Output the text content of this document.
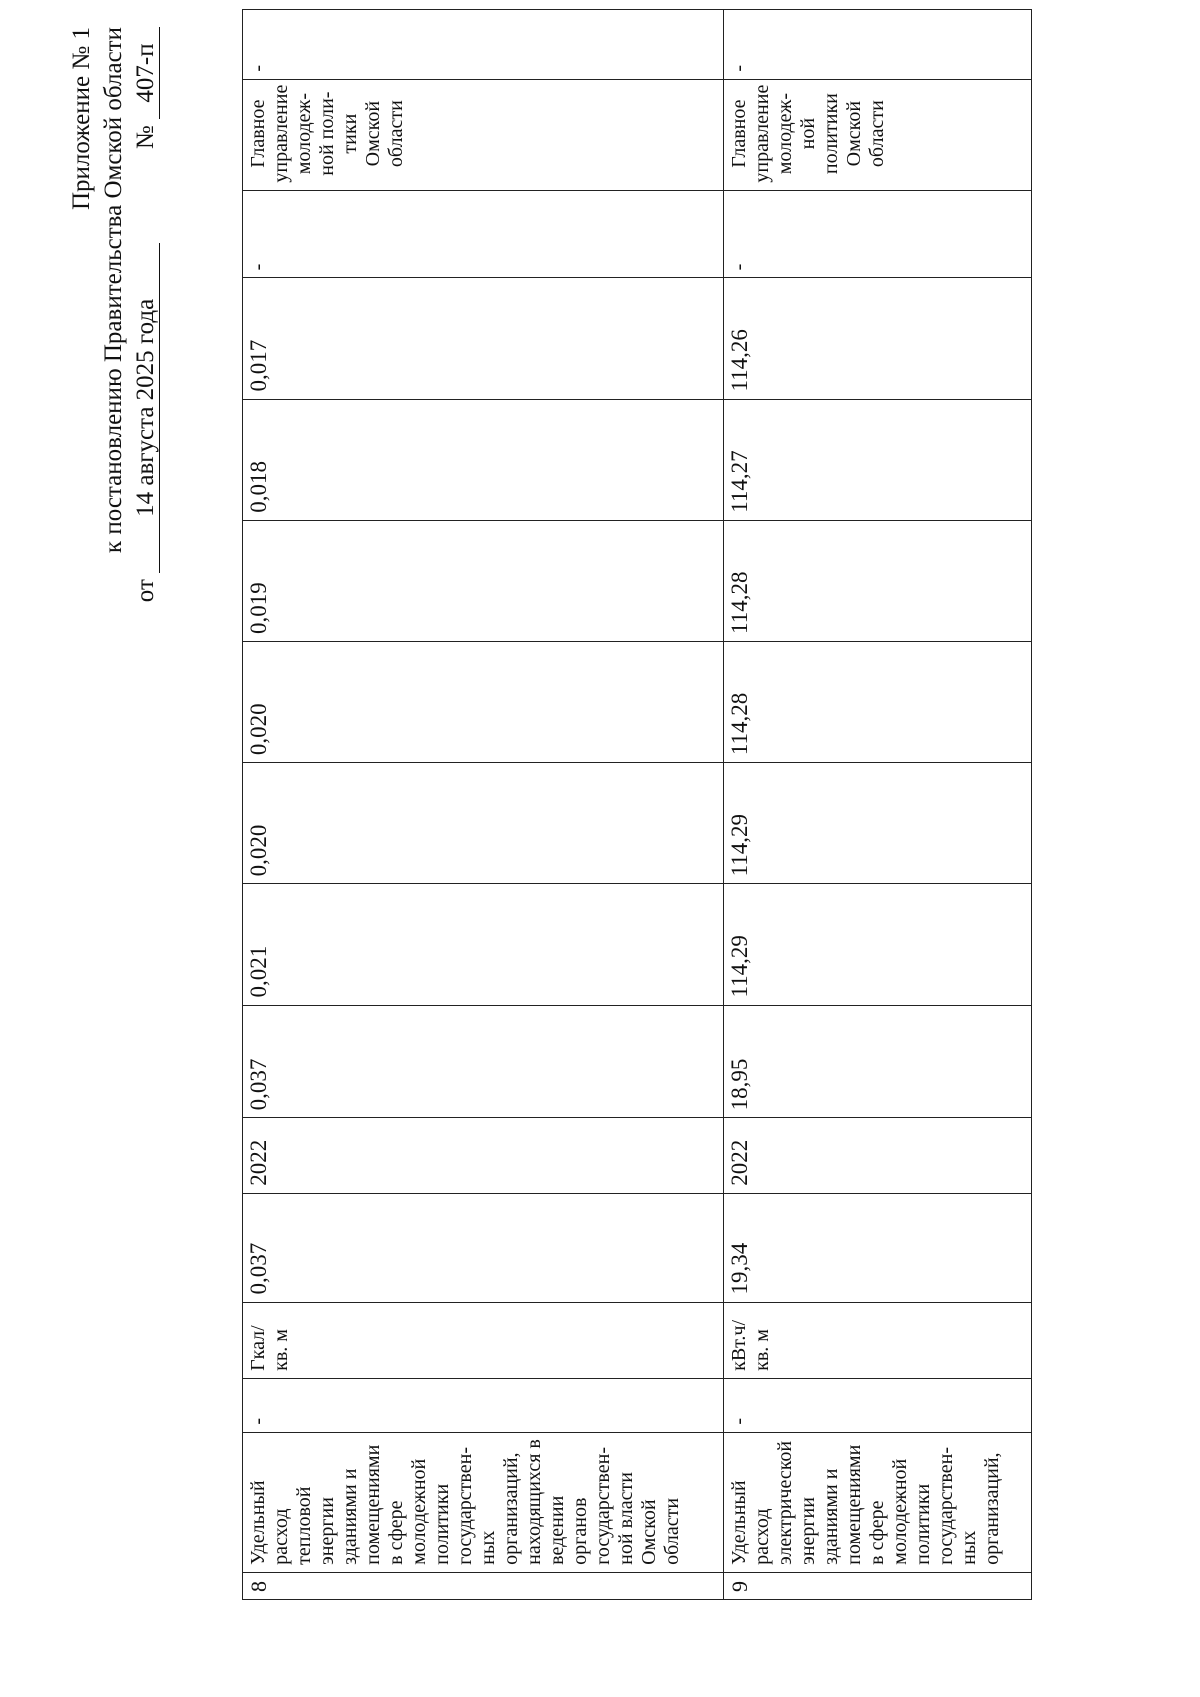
Приложение № 1 к постановлению Правительства Омской области
от 14 августа 2025 года               № 407-п
8	Удельный расход тепловой энергии зданиями и помещениями в сфере молодежной политики государствен-ных организаций, находящихся в ведении органов государствен-ной власти Омской области	-	Гкал/ кв. м	0,037	2022	0,037	0,021	0,020	0,020	0,019	0,018	0,017	-	Главное управление молодеж-ной поли-тики Омской области	-
9	Удельный расход электрической энергии зданиями и помещениями в сфере молодежной политики государствен-ных организаций,	-	кВт.ч/ кв. м	19,34	2022	18,95	114,29	114,29	114,28	114,28	114,27	114,26	-	Главное управление молодеж-ной политики Омской области	-
